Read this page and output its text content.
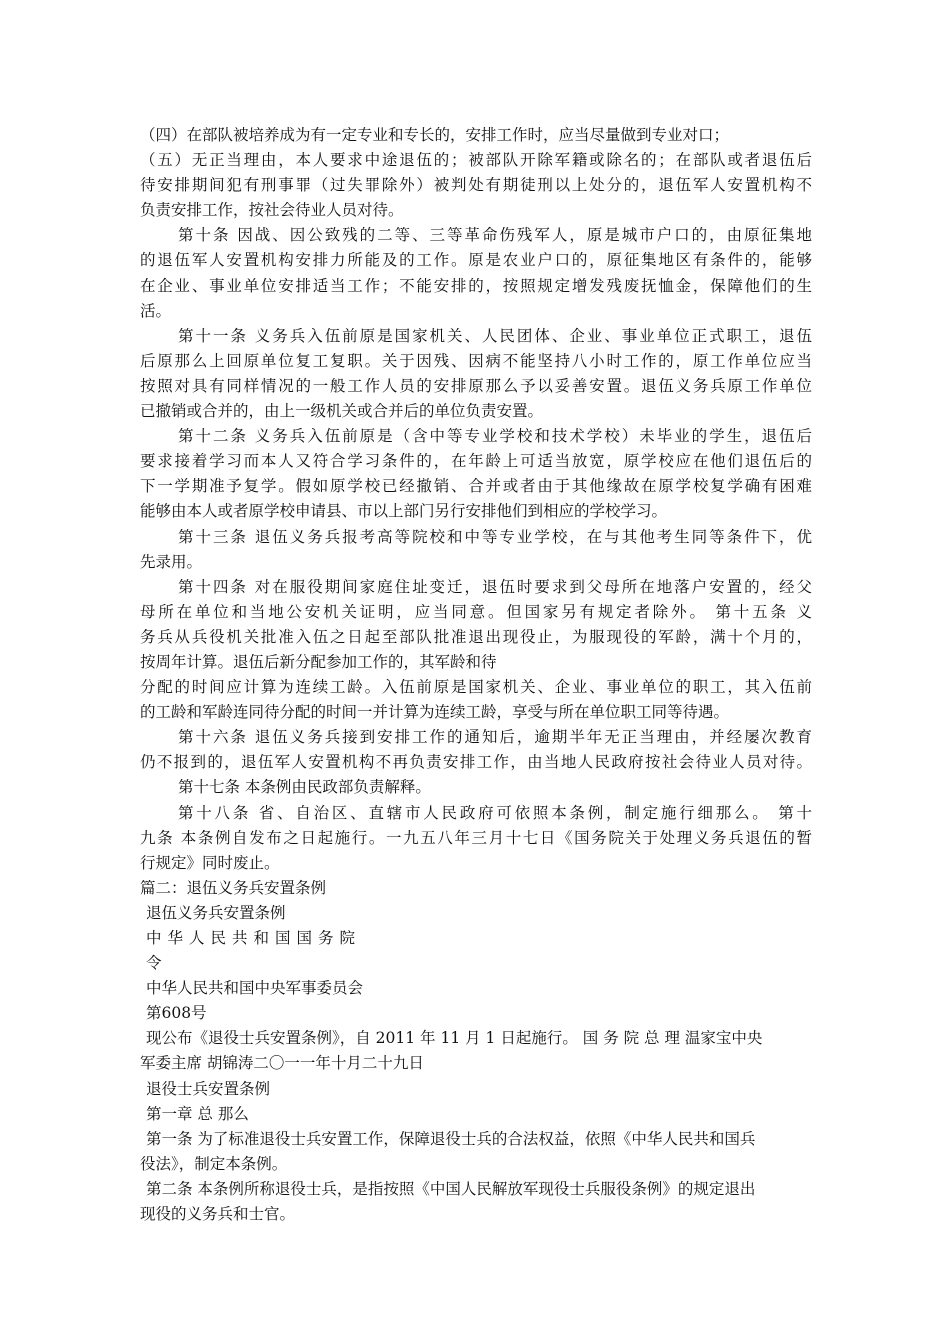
（四）在部队被培养成为有一定专业和专长的，安排工作时，应当尽量做到专业对口；
（五）无正当理由，本人要求中途退伍的；被部队开除军籍或除名的；在部队或者退伍后
待安排期间犯有刑事罪（过失罪除外）被判处有期徒刑以上处分的，退伍军人安置机构不
负责安排工作，按社会待业人员对待。
第十条 因战、因公致残的二等、三等革命伤残军人，原是城市户口的，由原征集地
的退伍军人安置机构安排力所能及的工作。原是农业户口的，原征集地区有条件的，能够
在企业、事业单位安排适当工作；不能安排的，按照规定增发残废抚恤金，保障他们的生
活。
第十一条 义务兵入伍前原是国家机关、人民团体、企业、事业单位正式职工，退伍
后原那么上回原单位复工复职。关于因残、因病不能坚持八小时工作的，原工作单位应当
按照对具有同样情况的一般工作人员的安排原那么予以妥善安置。退伍义务兵原工作单位
已撤销或合并的，由上一级机关或合并后的单位负责安置。
第十二条 义务兵入伍前原是（含中等专业学校和技术学校）未毕业的学生，退伍后
要求接着学习而本人又符合学习条件的，在年龄上可适当放宽，原学校应在他们退伍后的
下一学期准予复学。假如原学校已经撤销、合并或者由于其他缘故在原学校复学确有困难
能够由本人或者原学校申请县、市以上部门另行安排他们到相应的学校学习。
第十三条 退伍义务兵报考高等院校和中等专业学校，在与其他考生同等条件下，优
先录用。
第十四条 对在服役期间家庭住址变迁，退伍时要求到父母所在地落户安置的，经父
母所在单位和当地公安机关证明，应当同意。但国家另有规定者除外。 第十五条 义
务兵从兵役机关批准入伍之日起至部队批准退出现役止，为服现役的军龄，满十个月的，
按周年计算。退伍后新分配参加工作的，其军龄和待
分配的时间应计算为连续工龄。入伍前原是国家机关、企业、事业单位的职工，其入伍前
的工龄和军龄连同待分配的时间一并计算为连续工龄，享受与所在单位职工同等待遇。
第十六条 退伍义务兵接到安排工作的通知后，逾期半年无正当理由，并经屡次教育
仍不报到的，退伍军人安置机构不再负责安排工作，由当地人民政府按社会待业人员对待。
第十七条 本条例由民政部负责解释。
第十八条 省、自治区、直辖市人民政府可依照本条例，制定施行细那么。 第十
九条 本条例自发布之日起施行。一九五八年三月十七日《国务院关于处理义务兵退伍的暂
行规定》同时废止。
篇二：退伍义务兵安置条例
退伍义务兵安置条例
中华人民共和国国务院
令
中华人民共和国中央军事委员会
第608号
现公布《退役士兵安置条例》，自 2011 年 11 月 1 日起施行。 国 务 院 总 理 温家宝中央
军委主席 胡锦涛二〇一一年十月二十九日
退役士兵安置条例
第一章 总 那么
第一条 为了标准退役士兵安置工作，保障退役士兵的合法权益，依照《中华人民共和国兵
役法》，制定本条例。
第二条 本条例所称退役士兵，是指按照《中国人民解放军现役士兵服役条例》的规定退出
现役的义务兵和士官。
